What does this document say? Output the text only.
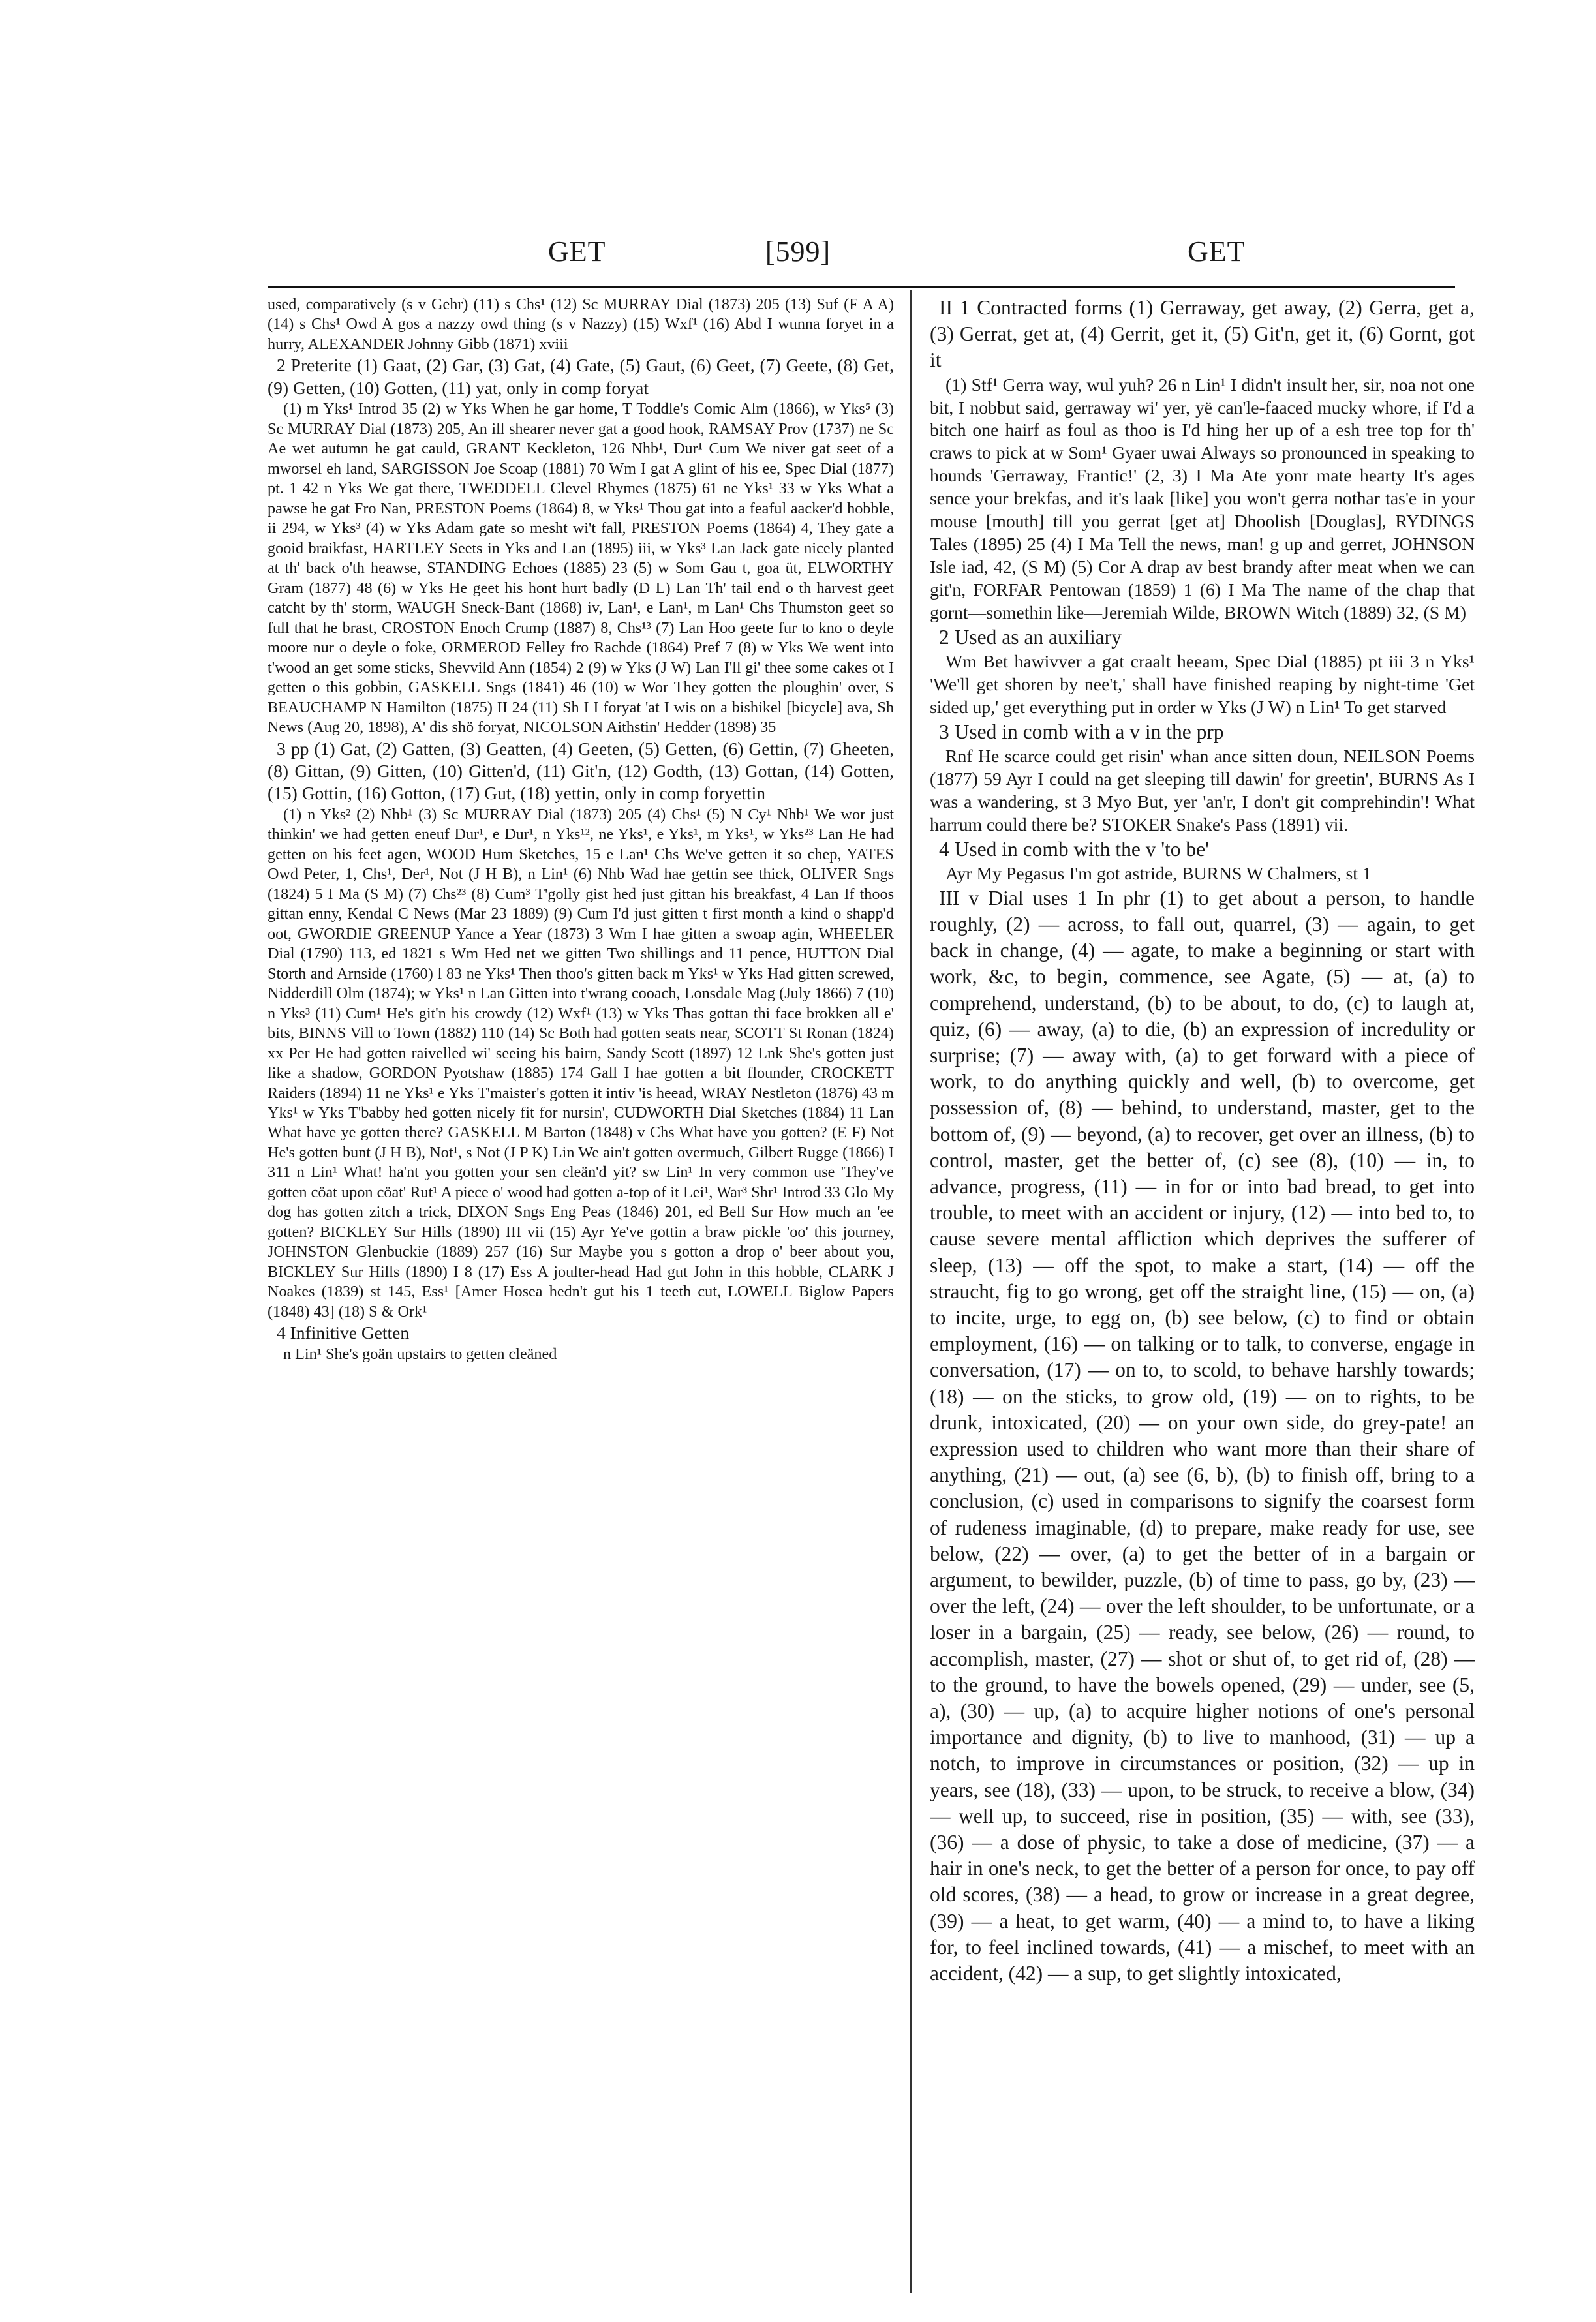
GET	[599]	GET

used, comparatively (s v Gehr) (11) s Chs¹ (12) Sc MURRAY Dial (1873) 205 (13) Suf (F A A) (14) s Chs¹ Owd A gos a nazzy owd thing (s v Nazzy) (15) Wxf¹ (16) Abd I wunna foryet in a hurry, ALEXANDER Johnny Gibb (1871) xviii

2 Preterite (1) Gaat, (2) Gar, (3) Gat, (4) Gate, (5) Gaut, (6) Geet, (7) Geete, (8) Get, (9) Getten, (10) Gotten, (11) yat, only in comp foryat

(1) m Yks¹ Introd 35 (2) w Yks When he gar home, T Toddle's Comic Alm (1866), w Yks⁵ (3) Sc MURRAY Dial (1873) 205, An ill shearer never gat a good hook, RAMSAY Prov (1737) ne Sc Ae wet autumn he gat cauld, GRANT Keckleton, 126 Nhb¹, Dur¹ Cum We niver gat seet of a mworsel eh land, SARGISSON Joe Scoap (1881) 70 Wm I gat A glint of his ee, Spec Dial (1877) pt. 1 42 n Yks We gat there, TWEDDELL Clevel Rhymes (1875) 61 ne Yks¹ 33 w Yks What a pawse he gat Fro Nan, PRESTON Poems (1864) 8, w Yks¹ Thou gat into a feaful aacker'd hobble, ii 294, w Yks³ (4) w Yks Adam gate so mesht wi't fall, PRESTON Poems (1864) 4, They gate a gooid braikfast, HARTLEY Seets in Yks and Lan (1895) iii, w Yks³ Lan Jack gate nicely planted at th' back o'th heawse, STANDING Echoes (1885) 23 (5) w Som Gau t, goa üt, ELWORTHY Gram (1877) 48 (6) w Yks He geet his hont hurt badly (D L) Lan Th' tail end o th harvest geet catcht by th' storm, WAUGH Sneck-Bant (1868) iv, Lan¹, e Lan¹, m Lan¹ Chs Thumston geet so full that he brast, CROSTON Enoch Crump (1887) 8, Chs¹³ (7) Lan Hoo geete fur to kno o deyle moore nur o deyle o foke, ORMEROD Felley fro Rachde (1864) Pref 7 (8) w Yks We went into t'wood an get some sticks, Shevvild Ann (1854) 2 (9) w Yks (J W) Lan I'll gi' thee some cakes ot I getten o this gobbin, GASKELL Sngs (1841) 46 (10) w Wor They gotten the ploughin' over, S BEAUCHAMP N Hamilton (1875) II 24 (11) Sh I I foryat 'at I wis on a bishikel [bicycle] ava, Sh News (Aug 20, 1898), A' dis shö foryat, NICOLSON Aithstin' Hedder (1898) 35

3 pp (1) Gat, (2) Gatten, (3) Geatten, (4) Geeten, (5) Getten, (6) Gettin, (7) Gheeten, (8) Gittan, (9) Gitten, (10) Gitten'd, (11) Git'n, (12) Godth, (13) Gottan, (14) Gotten, (15) Gottin, (16) Gotton, (17) Gut, (18) yettin, only in comp foryettin

(1) n Yks² (2) Nhb¹ (3) Sc MURRAY Dial (1873) 205 (4) Chs¹ (5) N Cy¹ Nhb¹ We wor just thinkin' we had getten eneuf Dur¹, e Dur¹, n Yks¹², ne Yks¹, e Yks¹, m Yks¹, w Yks²³ Lan He had getten on his feet agen, WOOD Hum Sketches, 15 e Lan¹ Chs We've getten it so chep, YATES Owd Peter, 1, Chs¹, Der¹, Not (J H B), n Lin¹ (6) Nhb Wad hae gettin see thick, OLIVER Sngs (1824) 5 I Ma (S M) (7) Chs²³ (8) Cum³ T'golly gist hed just gittan his breakfast, 4 Lan If thoos gittan enny, Kendal C News (Mar 23 1889) (9) Cum I'd just gitten t first month a kind o shapp'd oot, GWORDIE GREENUP Yance a Year (1873) 3 Wm I hae gitten a swoap agin, WHEELER Dial (1790) 113, ed 1821 s Wm Hed net we gitten Two shillings and 11 pence, HUTTON Dial Storth and Arnside (1760) l 83 ne Yks¹ Then thoo's gitten back m Yks¹ w Yks Had gitten screwed, Nidderdill Olm (1874); w Yks¹ n Lan Gitten into t'wrang cooach, Lonsdale Mag (July 1866) 7 (10) n Yks³ (11) Cum¹ He's git'n his crowdy (12) Wxf¹ (13) w Yks Thas gottan thi face brokken all e' bits, BINNS Vill to Town (1882) 110 (14) Sc Both had gotten seats near, SCOTT St Ronan (1824) xx Per He had gotten raivelled wi' seeing his bairn, Sandy Scott (1897) 12 Lnk She's gotten just like a shadow, GORDON Pyotshaw (1885) 174 Gall I hae gotten a bit flounder, CROCKETT Raiders (1894) 11 ne Yks¹ e Yks T'maister's gotten it intiv 'is heead, WRAY Nestleton (1876) 43 m Yks¹ w Yks T'babby hed gotten nicely fit for nursin', CUDWORTH Dial Sketches (1884) 11 Lan What have ye gotten there? GASKELL M Barton (1848) v Chs What have you gotten? (E F) Not He's gotten bunt (J H B), Not¹, s Not (J P K) Lin We ain't gotten overmuch, Gilbert Rugge (1866) I 311 n Lin¹ What! ha'nt you gotten your sen cleän'd yit? sw Lin¹ In very common use 'They've gotten cöat upon cöat' Rut¹ A piece o' wood had gotten a-top of it Lei¹, War³ Shr¹ Introd 33 Glo My dog has gotten zitch a trick, DIXON Sngs Eng Peas (1846) 201, ed Bell Sur How much an 'ee gotten? BICKLEY Sur Hills (1890) III vii (15) Ayr Ye've gottin a braw pickle 'oo' this journey, JOHNSTON Glenbuckie (1889) 257 (16) Sur Maybe you s gotton a drop o' beer about you, BICKLEY Sur Hills (1890) I 8 (17) Ess A joulter-head Had gut John in this hobble, CLARK J Noakes (1839) st 145, Ess¹ [Amer Hosea hedn't gut his 1 teeth cut, LOWELL Biglow Papers (1848) 43] (18) S & Ork¹

4 Infinitive Getten

n Lin¹ She's goän upstairs to getten cleäned

II 1 Contracted forms (1) Gerraway, get away, (2) Gerra, get a, (3) Gerrat, get at, (4) Gerrit, get it, (5) Git'n, get it, (6) Gornt, got it

(1) Stf¹ Gerra way, wul yuh? 26 n Lin¹ I didn't insult her, sir, noa not one bit, I nobbut said, gerraway wi' yer, yë can'le-faaced mucky whore, if I'd a bitch one hairf as foul as thoo is I'd hing her up of a esh tree top for th' craws to pick at w Som¹ Gyaer uwai Always so pronounced in speaking to hounds 'Gerraway, Frantic!' (2, 3) I Ma Ate yonr mate hearty It's ages sence your brekfas, and it's laak [like] you won't gerra nothar tas'e in your mouse [mouth] till you gerrat [get at] Dhoolish [Douglas], RYDINGS Tales (1895) 25 (4) I Ma Tell the news, man! g up and gerret, JOHNSON Isle iad, 42, (S M) (5) Cor A drap av best brandy after meat when we can git'n, FORFAR Pentowan (1859) 1 (6) I Ma The name of the chap that gornt—somethin like—Jeremiah Wilde, BROWN Witch (1889) 32, (S M)

2 Used as an auxiliary

Wm Bet hawivver a gat craalt heeam, Spec Dial (1885) pt iii 3 n Yks¹ 'We'll get shoren by nee't,' shall have finished reaping by night-time 'Get sided up,' get everything put in order w Yks (J W) n Lin¹ To get starved

3 Used in comb with a v in the prp

Rnf He scarce could get risin' whan ance sitten doun, NEILSON Poems (1877) 59 Ayr I could na get sleeping till dawin' for greetin', BURNS As I was a wandering, st 3 Myo But, yer 'an'r, I don't git comprehindin'! What harrum could there be? STOKER Snake's Pass (1891) vii.

4 Used in comb with the v 'to be'

Ayr My Pegasus I'm got astride, BURNS W Chalmers, st 1

III v Dial uses 1 In phr (1) to get about a person, to handle roughly, (2) — across, to fall out, quarrel, (3) — again, to get back in change, (4) — agate, to make a beginning or start with work, &c, to begin, commence, see Agate, (5) — at, (a) to comprehend, understand, (b) to be about, to do, (c) to laugh at, quiz, (6) — away, (a) to die, (b) an expression of incredulity or surprise; (7) — away with, (a) to get forward with a piece of work, to do anything quickly and well, (b) to overcome, get possession of, (8) — behind, to understand, master, get to the bottom of, (9) — beyond, (a) to recover, get over an illness, (b) to control, master, get the better of, (c) see (8), (10) — in, to advance, progress, (11) — in for or into bad bread, to get into trouble, to meet with an accident or injury, (12) — into bed to, to cause severe mental affliction which deprives the sufferer of sleep, (13) — off the spot, to make a start, (14) — off the straucht, fig to go wrong, get off the straight line, (15) — on, (a) to incite, urge, to egg on, (b) see below, (c) to find or obtain employment, (16) — on talking or to talk, to converse, engage in conversation, (17) — on to, to scold, to behave harshly towards; (18) — on the sticks, to grow old, (19) — on to rights, to be drunk, intoxicated, (20) — on your own side, do grey-pate! an expression used to children who want more than their share of anything, (21) — out, (a) see (6, b), (b) to finish off, bring to a conclusion, (c) used in comparisons to signify the coarsest form of rudeness imaginable, (d) to prepare, make ready for use, see below, (22) — over, (a) to get the better of in a bargain or argument, to bewilder, puzzle, (b) of time to pass, go by, (23) — over the left, (24) — over the left shoulder, to be unfortunate, or a loser in a bargain, (25) — ready, see below, (26) — round, to accomplish, master, (27) — shot or shut of, to get rid of, (28) — to the ground, to have the bowels opened, (29) — under, see (5, a), (30) — up, (a) to acquire higher notions of one's personal importance and dignity, (b) to live to manhood, (31) — up a notch, to improve in circumstances or position, (32) — up in years, see (18), (33) — upon, to be struck, to receive a blow, (34) — well up, to succeed, rise in position, (35) — with, see (33), (36) — a dose of physic, to take a dose of medicine, (37) — a hair in one's neck, to get the better of a person for once, to pay off old scores, (38) — a head, to grow or increase in a great degree, (39) — a heat, to get warm, (40) — a mind to, to have a liking for, to feel inclined towards, (41) — a mischef, to meet with an accident, (42) — a sup, to get slightly intoxicated,
